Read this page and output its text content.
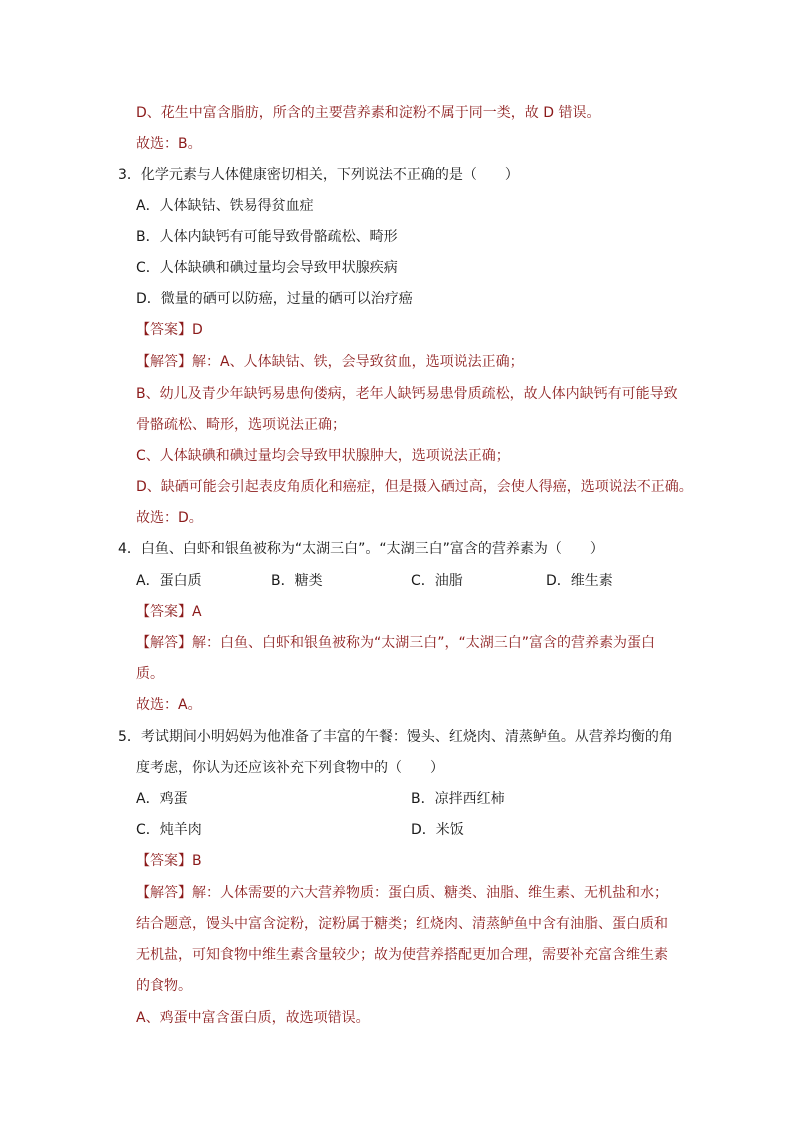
D、花生中富含脂肪，所含的主要营养素和淀粉不属于同一类，故 D 错误。
故选：B。
3．化学元素与人体健康密切相关，下列说法不正确的是（　　）
A．人体缺钴、铁易得贫血症
B．人体内缺钙有可能导致骨骼疏松、畸形
C．人体缺碘和碘过量均会导致甲状腺疾病
D．微量的硒可以防癌，过量的硒可以治疗癌
【答案】D
【解答】解：A、人体缺钴、铁，会导致贫血，选项说法正确；
B、幼儿及青少年缺钙易患佝偻病，老年人缺钙易患骨质疏松，故人体内缺钙有可能导致
骨骼疏松、畸形，选项说法正确；
C、人体缺碘和碘过量均会导致甲状腺肿大，选项说法正确；
D、缺硒可能会引起表皮角质化和癌症，但是摄入硒过高，会使人得癌，选项说法不正确。
故选：D。
4．白鱼、白虾和银鱼被称为“太湖三白”。“太湖三白”富含的营养素为（　　）
A．蛋白质	B．糖类	C．油脂	D．维生素
【答案】A
【解答】解：白鱼、白虾和银鱼被称为“太湖三白”，“太湖三白”富含的营养素为蛋白
质。
故选：A。
5．考试期间小明妈妈为他准备了丰富的午餐：馒头、红烧肉、清蒸鲈鱼。从营养均衡的角
度考虑，你认为还应该补充下列食物中的（　　）
A．鸡蛋	B．凉拌西红柿
C．炖羊肉	D．米饭
【答案】B
【解答】解：人体需要的六大营养物质：蛋白质、糖类、油脂、维生素、无机盐和水；
结合题意，馒头中富含淀粉，淀粉属于糖类；红烧肉、清蒸鲈鱼中含有油脂、蛋白质和
无机盐，可知食物中维生素含量较少；故为使营养搭配更加合理，需要补充富含维生素
的食物。
A、鸡蛋中富含蛋白质，故选项错误。
